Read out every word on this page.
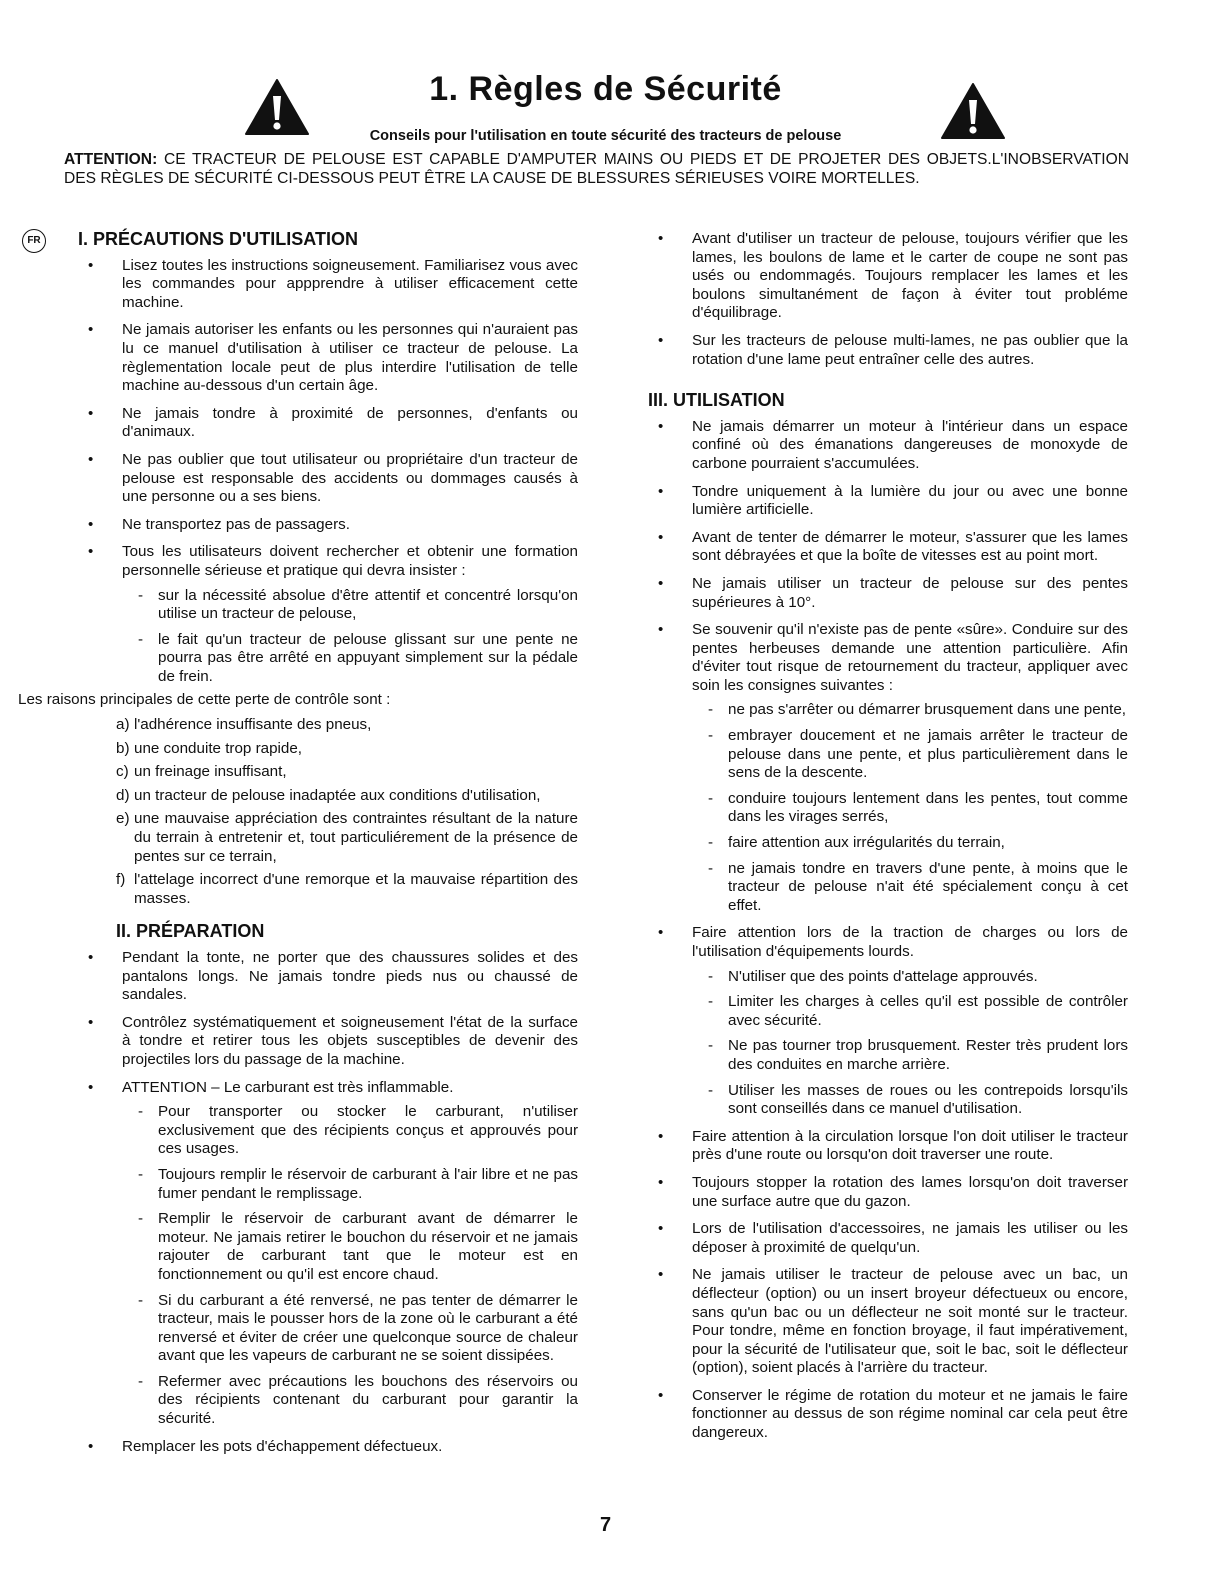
1. Règles de Sécurité
Conseils pour l'utilisation en toute sécurité des tracteurs de pelouse
ATTENTION: CE TRACTEUR DE PELOUSE EST CAPABLE D'AMPUTER MAINS OU PIEDS ET DE PROJETER DES OBJETS.L'INOBSERVATION DES RÈGLES DE SÉCURITÉ CI-DESSOUS PEUT ÊTRE LA CAUSE DE BLESSURES SÉRIEUSES VOIRE MORTELLES.
FR I. PRÉCAUTIONS D'UTILISATION
• Lisez toutes les instructions soigneusement. Familiarisez vous avec les commandes pour appprendre à utiliser efficacement cette machine.
• Ne jamais autoriser les enfants ou les personnes qui n'auraient pas lu ce manuel d'utilisation à utiliser ce tracteur de pelouse. La règlementation locale peut de plus interdire l'utilisation de telle machine au-dessous d'un certain âge.
• Ne jamais tondre à proximité de personnes, d'enfants ou d'animaux.
• Ne pas oublier que tout utilisateur ou propriétaire d'un tracteur de pelouse est responsable des accidents ou dommages causés à une personne ou a ses biens.
• Ne transportez pas de passagers.
• Tous les utilisateurs doivent rechercher et obtenir une formation personnelle sérieuse et pratique qui devra insister :
- sur la nécessité absolue d'être attentif et concentré lorsqu'on utilise un tracteur de pelouse,
- le fait qu'un tracteur de pelouse glissant sur une pente ne pourra pas être arrêté en appuyant simplement sur la pédale de frein.

Les raisons principales de cette perte de contrôle sont :

a) l'adhérence insuffisante des pneus,
b) une conduite trop rapide,
c) un freinage insuffisant,
d) un tracteur de pelouse inadaptée aux conditions d'utilisation,
e) une mauvaise appréciation des contraintes résultant de la nature du terrain à entretenir et, tout particuliérement de la présence de pentes sur ce terrain,
f) l'attelage incorrect d'une remorque et la mauvaise répartition des masses.
II. PRÉPARATION
• Pendant la tonte, ne porter que des chaussures solides et des pantalons longs. Ne jamais tondre pieds nus ou chaussé de sandales.
• Contrôlez systématiquement et soigneusement l'état de la surface à tondre et retirer tous les objets susceptibles de devenir des projectiles lors du passage de la machine.
• ATTENTION – Le carburant est très inflammable.
- Pour transporter ou stocker le carburant, n'utiliser exclusivement que des récipients conçus et approuvés pour ces usages.
- Toujours remplir le réservoir de carburant à l'air libre et ne pas fumer pendant le remplissage.
- Remplir le réservoir de carburant avant de démarrer le moteur. Ne jamais retirer le bouchon du réservoir et ne jamais rajouter de carburant tant que le moteur est en fonctionnement ou qu'il est encore chaud.
- Si du carburant a été renversé, ne pas tenter de démarrer le tracteur, mais le pousser hors de la zone où le carburant a été renversé et éviter de créer une quelconque source de chaleur avant que les vapeurs de carburant ne se soient dissipées.
- Refermer avec précautions les bouchons des réservoirs ou des récipients contenant du carburant pour garantir la sécurité.
• Remplacer les pots d'échappement défectueux.
• Avant d'utiliser un tracteur de pelouse, toujours vérifier que les lames, les boulons de lame et le carter de coupe ne sont pas usés ou endommagés. Toujours remplacer les lames et les boulons simultanément de façon à éviter tout probléme d'équilibrage.
• Sur les tracteurs de pelouse multi-lames, ne pas oublier que la rotation d'une lame peut entraîner celle des autres.
III. UTILISATION
• Ne jamais démarrer un moteur à l'intérieur dans un espace confiné où des émanations dangereuses de monoxyde de carbone pourraient s'accumulées.
• Tondre uniquement à la lumière du jour ou avec une bonne lumière artificielle.
• Avant de tenter de démarrer le moteur, s'assurer que les lames sont débrayées et que la boîte de vitesses est au point mort.
• Ne jamais utiliser un tracteur de pelouse sur des pentes supérieures à 10°.
• Se souvenir qu'il n'existe pas de pente «sûre». Conduire sur des pentes herbeuses demande une attention particulière. Afin d'éviter tout risque de retournement du tracteur, appliquer avec soin les consignes suivantes :
- ne pas s'arrêter ou démarrer brusquement dans une pente,
- embrayer doucement et ne jamais arrêter le tracteur de pelouse dans une pente, et plus particulièrement dans le sens de la descente.
- conduire toujours lentement dans les pentes, tout comme dans les virages serrés,
- faire attention aux irrégularités du terrain,
- ne jamais tondre en travers d'une pente, à moins que le tracteur de pelouse n'ait été spécialement conçu à cet effet.
• Faire attention lors de la traction de charges ou lors de l'utilisation d'équipements lourds.
- N'utiliser que des points d'attelage approuvés.
- Limiter les charges à celles qu'il est possible de contrôler avec sécurité.
- Ne pas tourner trop brusquement. Rester très prudent lors des conduites en marche arrière.
- Utiliser les masses de roues ou les contrepoids lorsqu'ils sont conseillés dans ce manuel d'utilisation.
• Faire attention à la circulation lorsque l'on doit utiliser le tracteur près d'une route ou lorsqu'on doit traverser une route.
• Toujours stopper la rotation des lames lorsqu'on doit traverser une surface autre que du gazon.
• Lors de l'utilisation d'accessoires, ne jamais les utiliser ou les déposer à proximité de quelqu'un.
• Ne jamais utiliser le tracteur de pelouse avec un bac, un déflecteur (option) ou un insert broyeur défectueux ou encore, sans qu'un bac ou un déflecteur ne soit monté sur le tracteur. Pour tondre, même en fonction broyage, il faut impérativement, pour la sécurité de l'utilisateur que, soit le bac, soit le déflecteur (option), soient placés à l'arrière du tracteur.
• Conserver le régime de rotation du moteur et ne jamais le faire fonctionner au dessus de son régime nominal car cela peut être dangereux.
7
